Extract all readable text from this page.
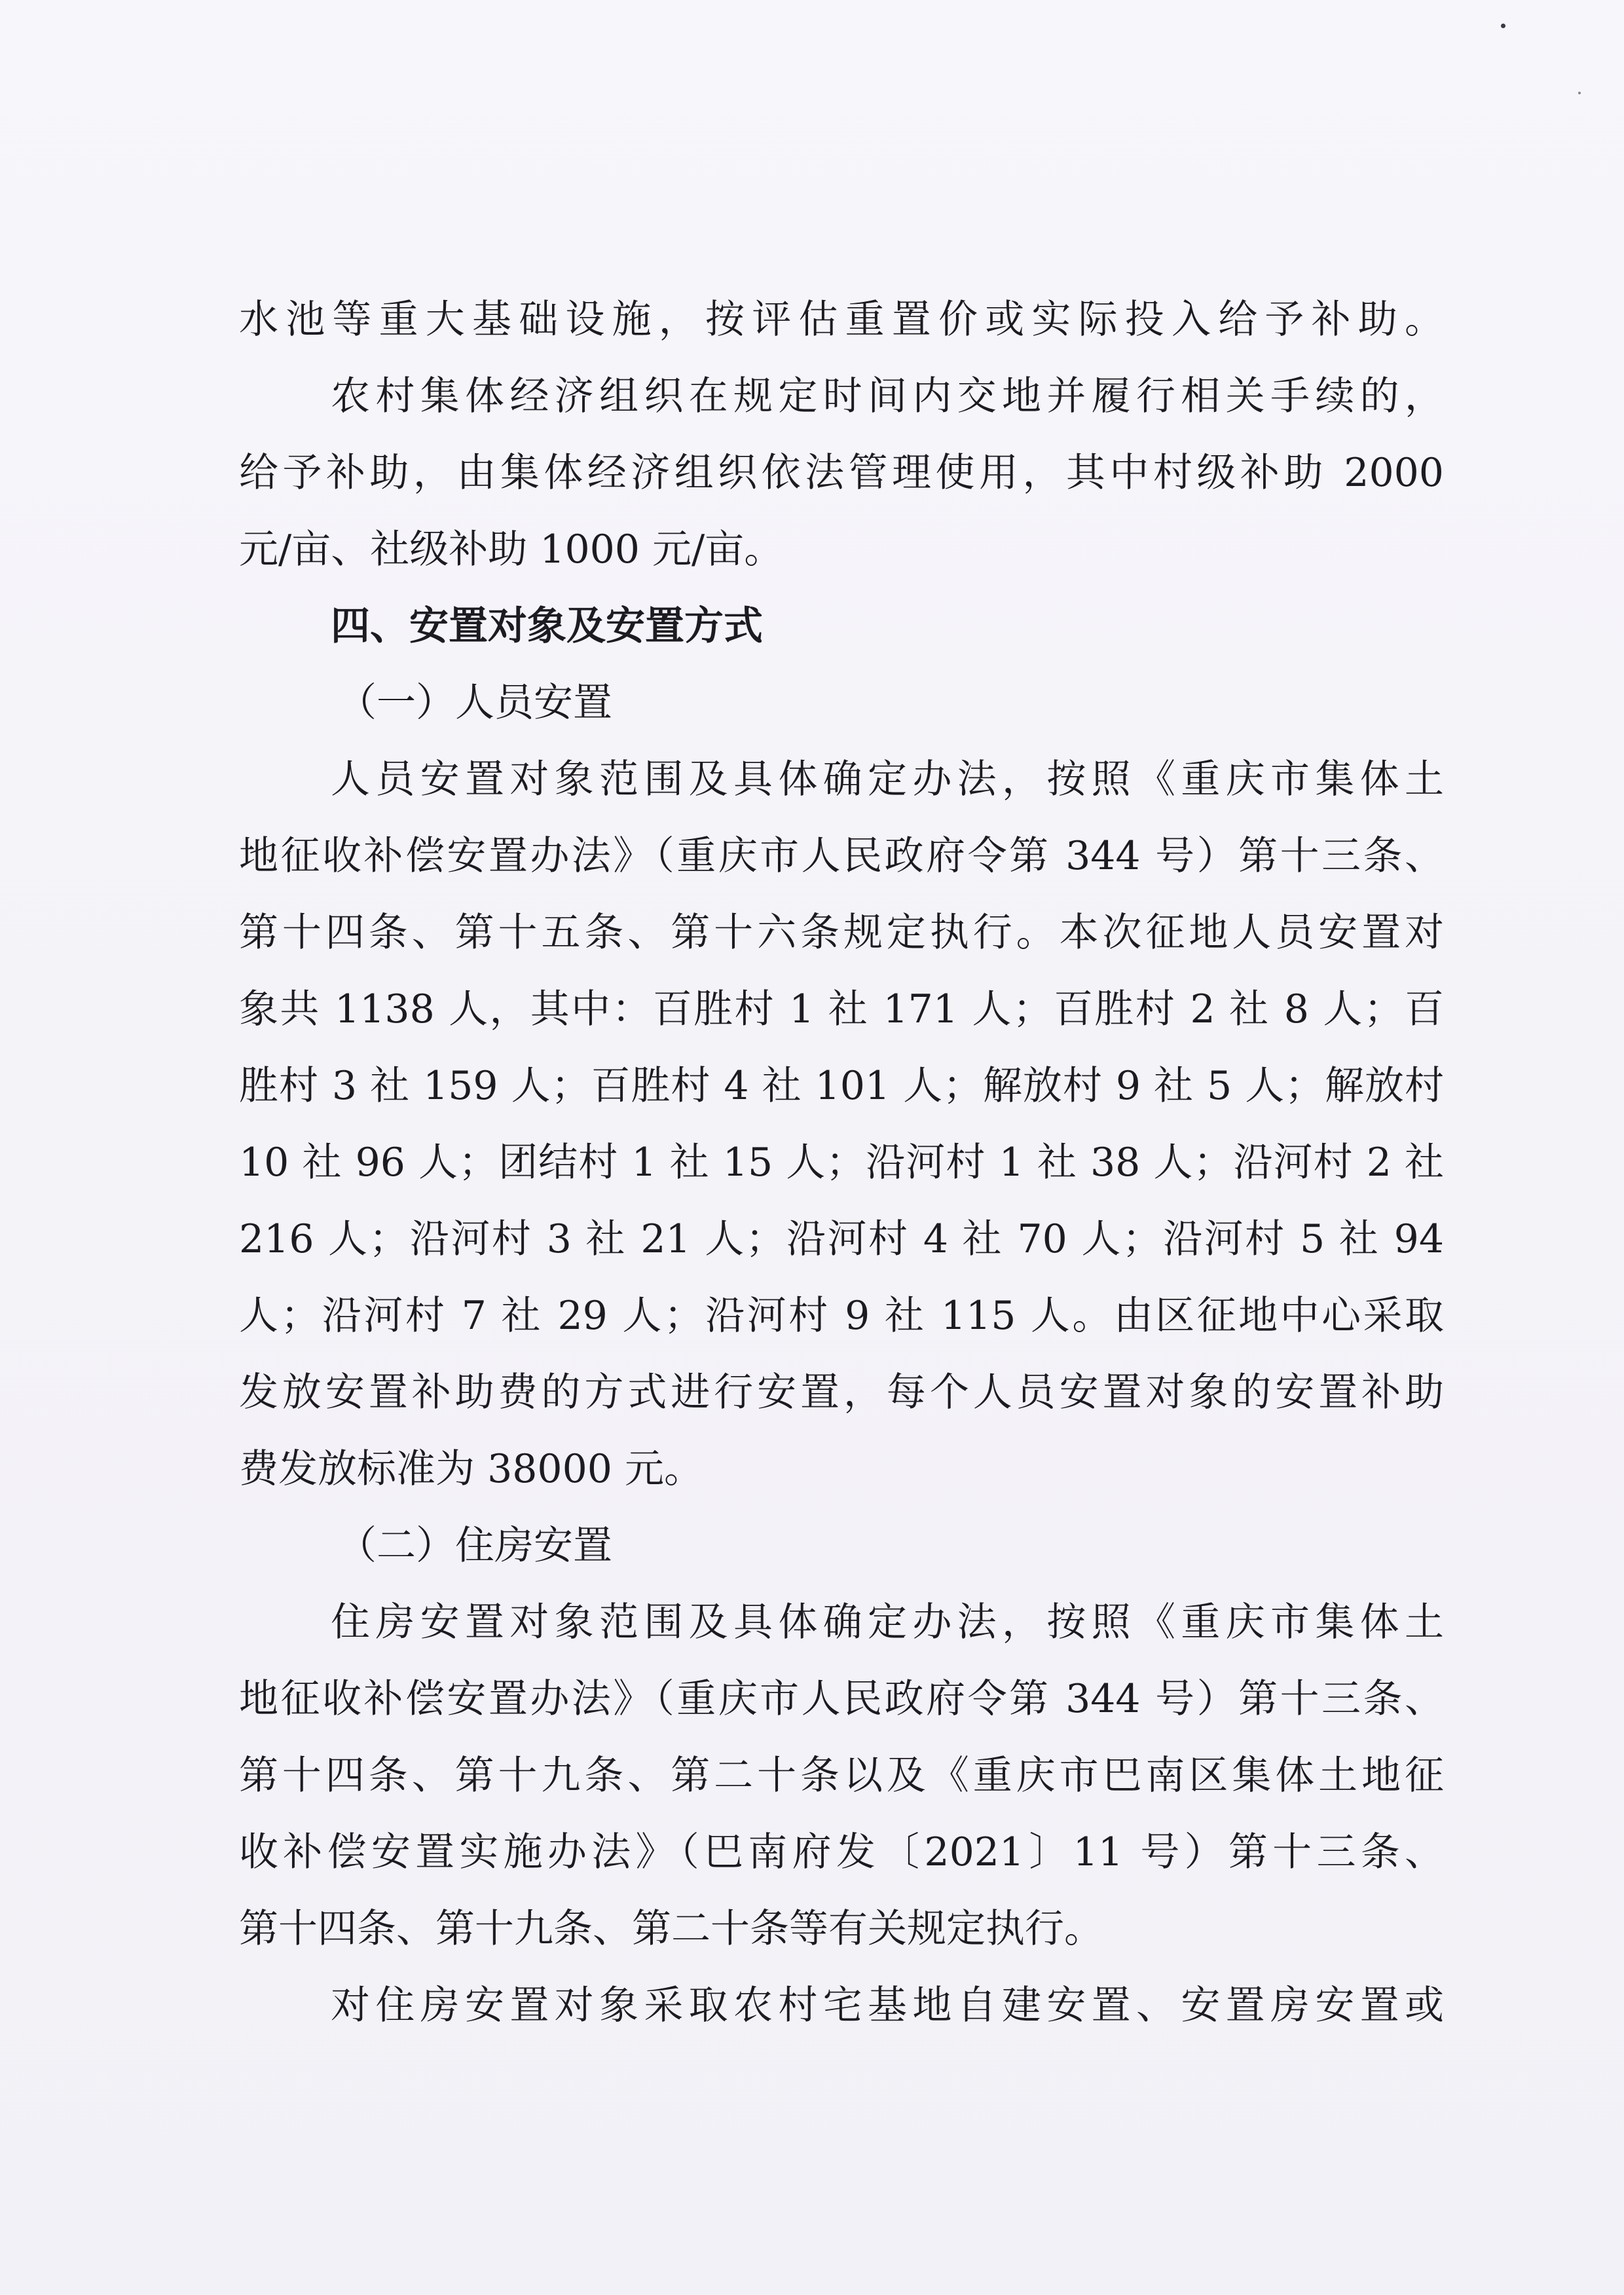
水池等重大基础设施，按评估重置价或实际投入给予补助。
农村集体经济组织在规定时间内交地并履行相关手续的，
给予补助，由集体经济组织依法管理使用，其中村级补助 2000
元/亩、社级补助 1000 元/亩。
四、安置对象及安置方式
（一）人员安置
人员安置对象范围及具体确定办法，按照《重庆市集体土
地征收补偿安置办法》（重庆市人民政府令第 344 号）第十三条、
第十四条、第十五条、第十六条规定执行。本次征地人员安置对
象共 1138 人，其中：百胜村 1 社 171 人；百胜村 2 社 8 人；百
胜村 3 社 159 人；百胜村 4 社 101 人；解放村 9 社 5 人；解放村
10 社 96 人；团结村 1 社 15 人；沿河村 1 社 38 人；沿河村 2 社
216 人；沿河村 3 社 21 人；沿河村 4 社 70 人；沿河村 5 社 94
人；沿河村 7 社 29 人；沿河村 9 社 115 人。由区征地中心采取
发放安置补助费的方式进行安置，每个人员安置对象的安置补助
费发放标准为 38000 元。
（二）住房安置
住房安置对象范围及具体确定办法，按照《重庆市集体土
地征收补偿安置办法》（重庆市人民政府令第 344 号）第十三条、
第十四条、第十九条、第二十条以及《重庆市巴南区集体土地征
收补偿安置实施办法》（巴南府发〔2021〕11 号）第十三条、
第十四条、第十九条、第二十条等有关规定执行。
对住房安置对象采取农村宅基地自建安置、安置房安置或
